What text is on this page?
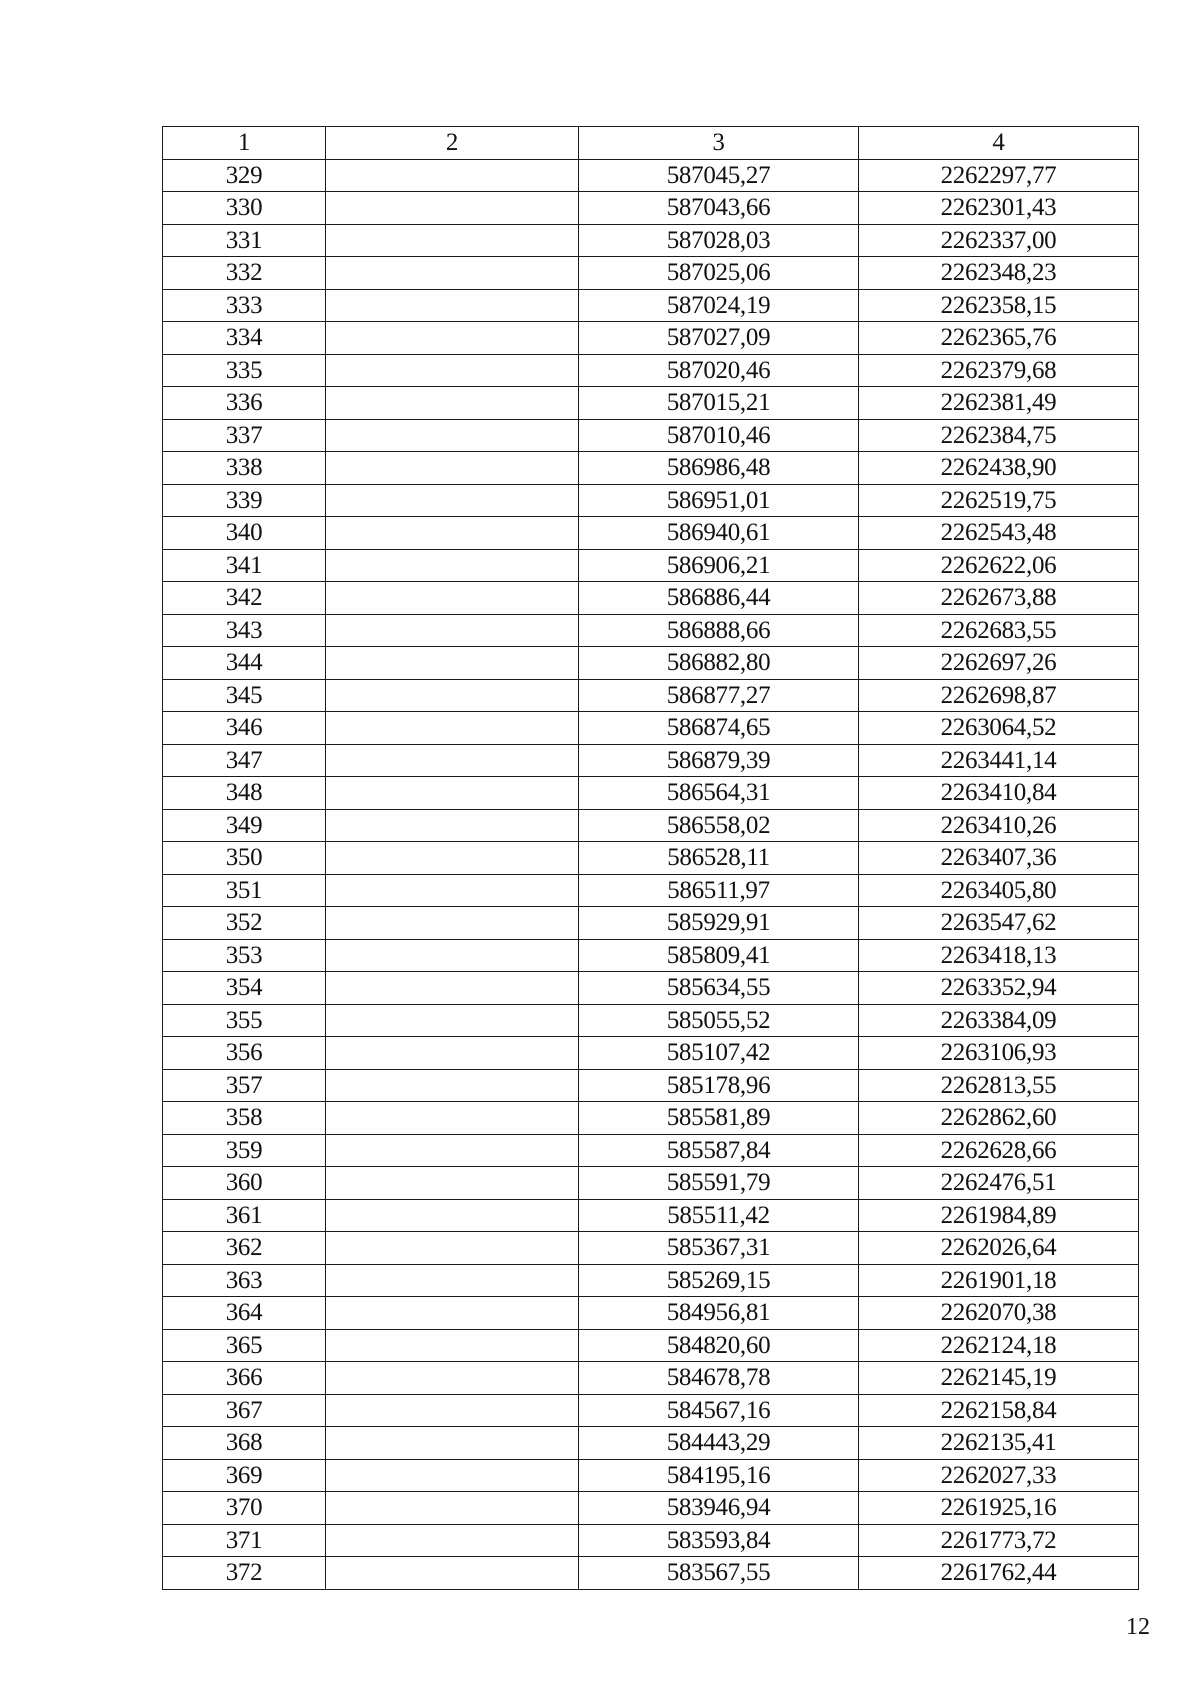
1	2	3	4
329		587045,27	2262297,77
330		587043,66	2262301,43
331		587028,03	2262337,00
332		587025,06	2262348,23
333		587024,19	2262358,15
334		587027,09	2262365,76
335		587020,46	2262379,68
336		587015,21	2262381,49
337		587010,46	2262384,75
338		586986,48	2262438,90
339		586951,01	2262519,75
340		586940,61	2262543,48
341		586906,21	2262622,06
342		586886,44	2262673,88
343		586888,66	2262683,55
344		586882,80	2262697,26
345		586877,27	2262698,87
346		586874,65	2263064,52
347		586879,39	2263441,14
348		586564,31	2263410,84
349		586558,02	2263410,26
350		586528,11	2263407,36
351		586511,97	2263405,80
352		585929,91	2263547,62
353		585809,41	2263418,13
354		585634,55	2263352,94
355		585055,52	2263384,09
356		585107,42	2263106,93
357		585178,96	2262813,55
358		585581,89	2262862,60
359		585587,84	2262628,66
360		585591,79	2262476,51
361		585511,42	2261984,89
362		585367,31	2262026,64
363		585269,15	2261901,18
364		584956,81	2262070,38
365		584820,60	2262124,18
366		584678,78	2262145,19
367		584567,16	2262158,84
368		584443,29	2262135,41
369		584195,16	2262027,33
370		583946,94	2261925,16
371		583593,84	2261773,72
372		583567,55	2261762,44
12
